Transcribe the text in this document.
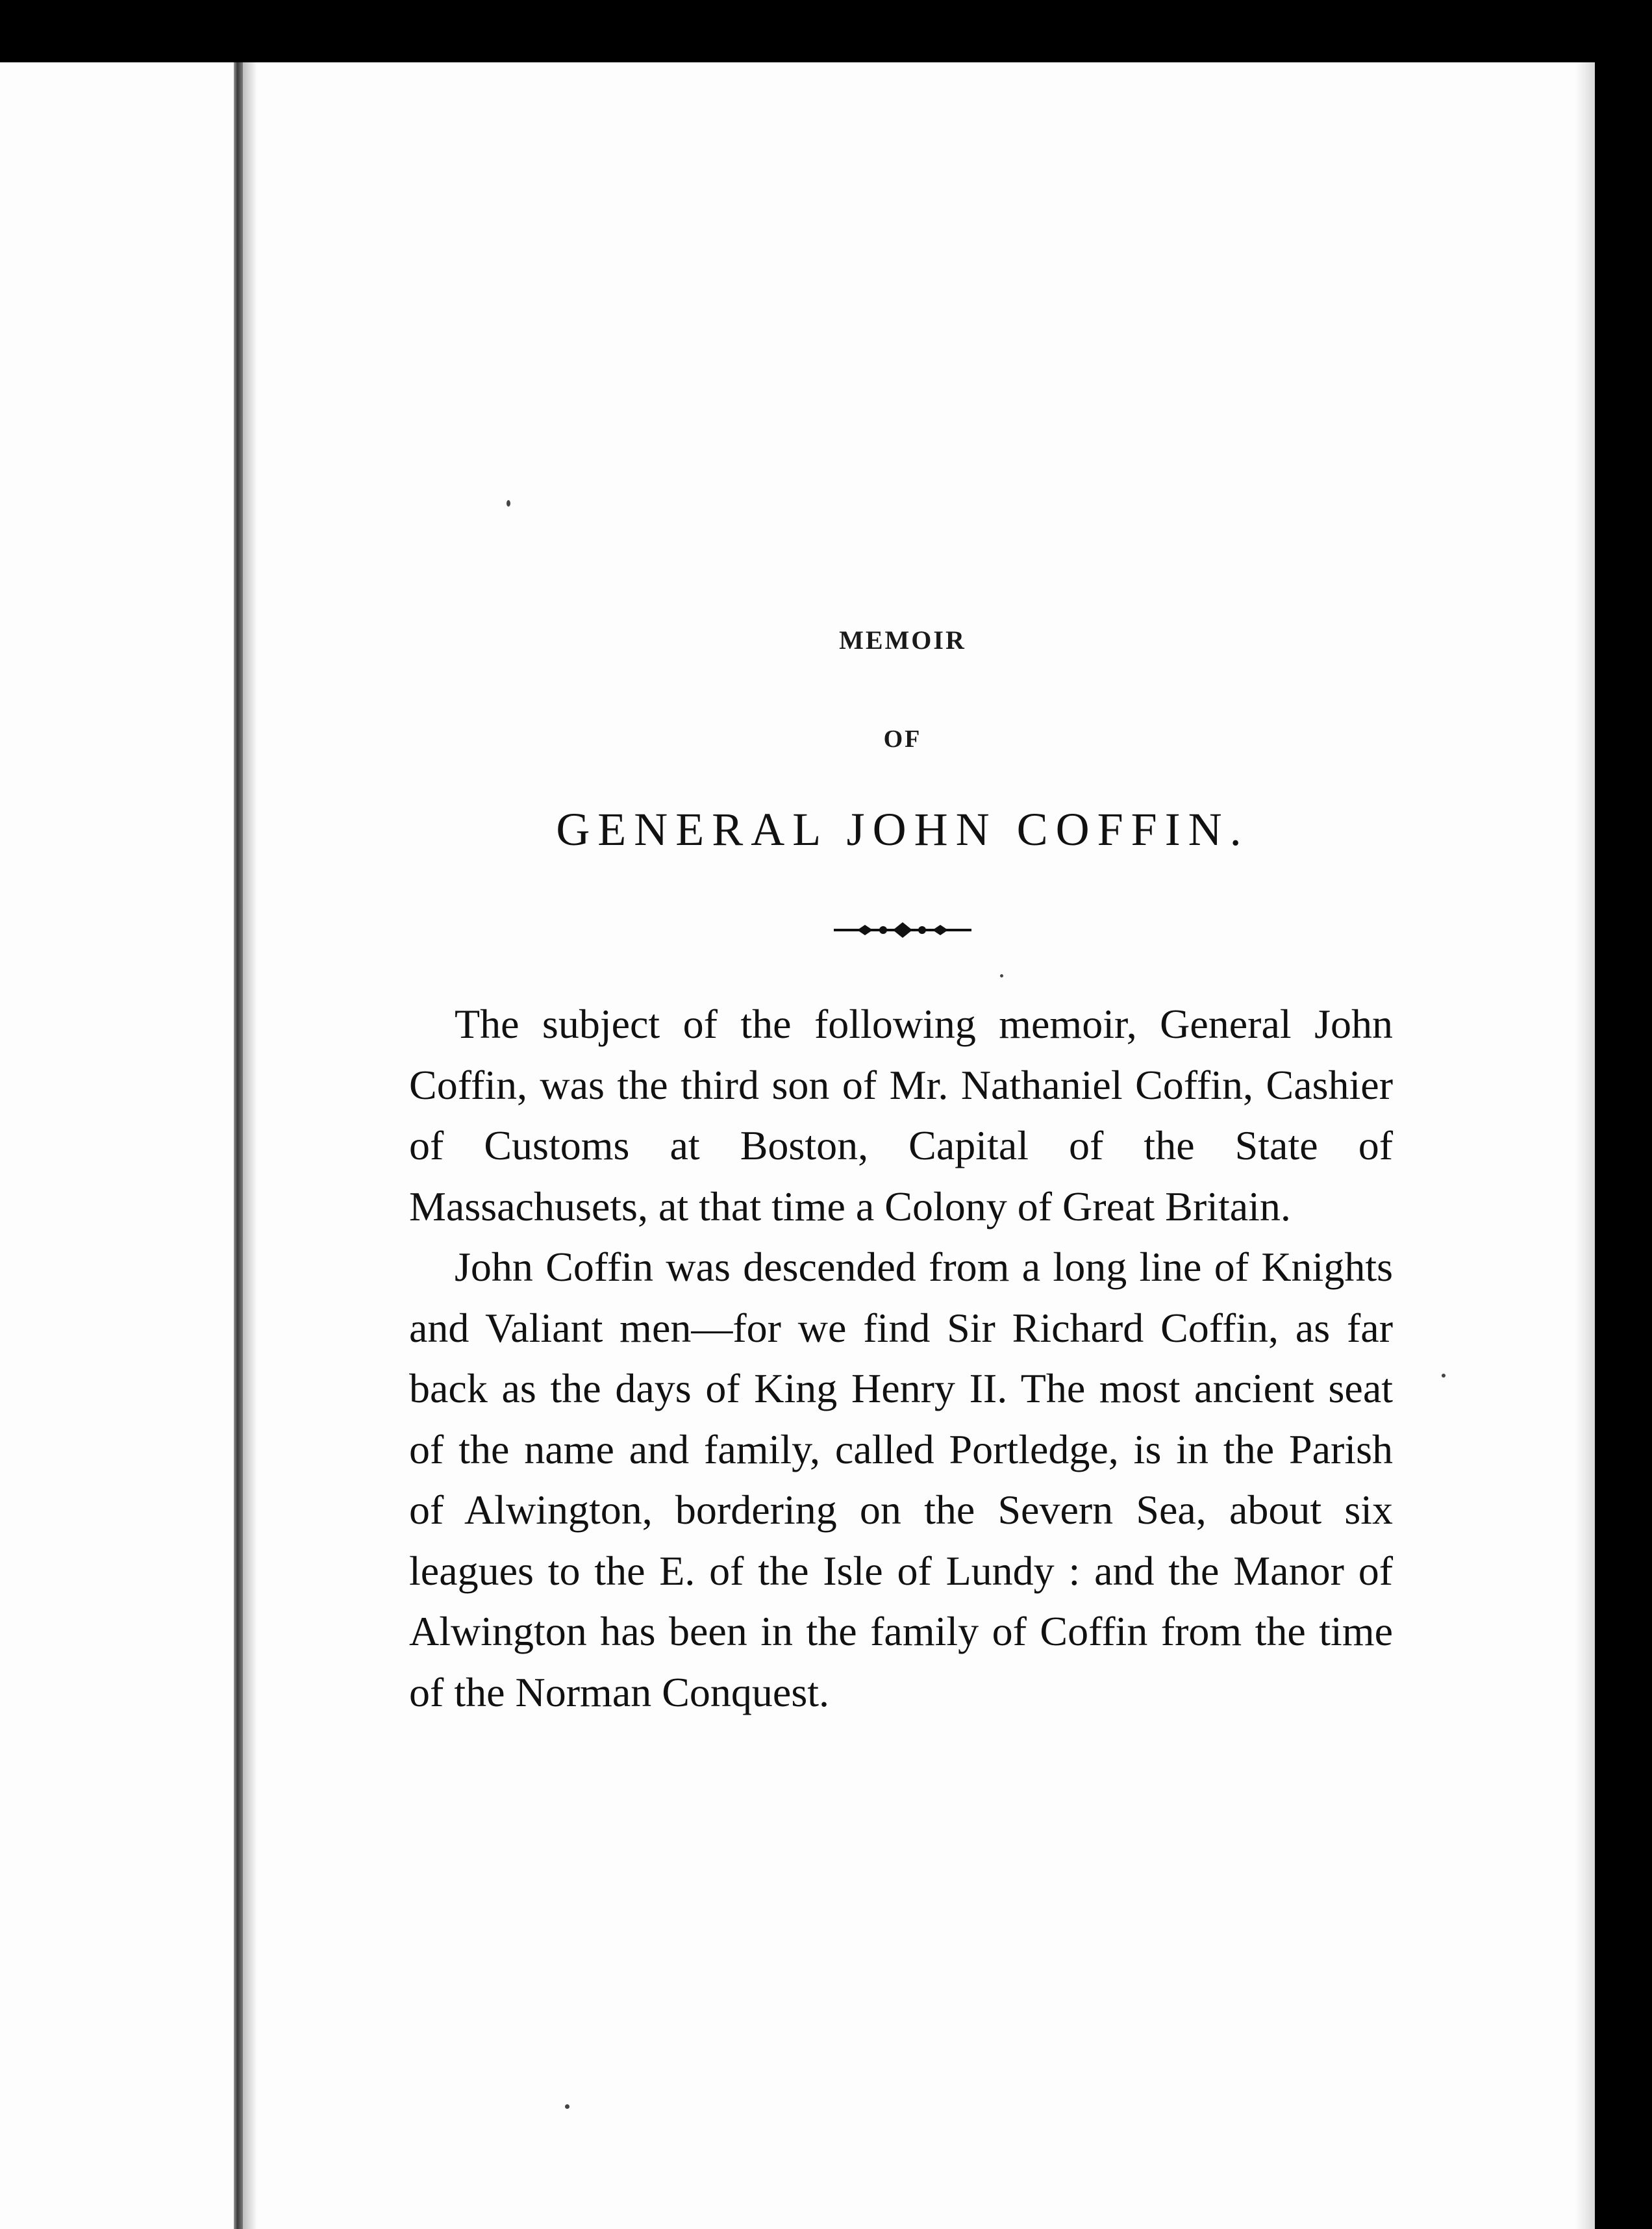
MEMOIR
OF
GENERAL JOHN COFFIN.

The subject of the following memoir, General John Coffin, was the third son of Mr. Nathaniel Coffin, Cashier of Customs at Boston, Capital of the State of Massachusets, at that time a Colony of Great Britain.

John Coffin was descended from a long line of Knights and Valiant men—for we find Sir Richard Coffin, as far back as the days of King Henry II. The most ancient seat of the name and family, called Portledge, is in the Parish of Alwington, bordering on the Severn Sea, about six leagues to the E. of the Isle of Lundy : and the Manor of Alwington has been in the family of Coffin from the time of the Norman Conquest.
